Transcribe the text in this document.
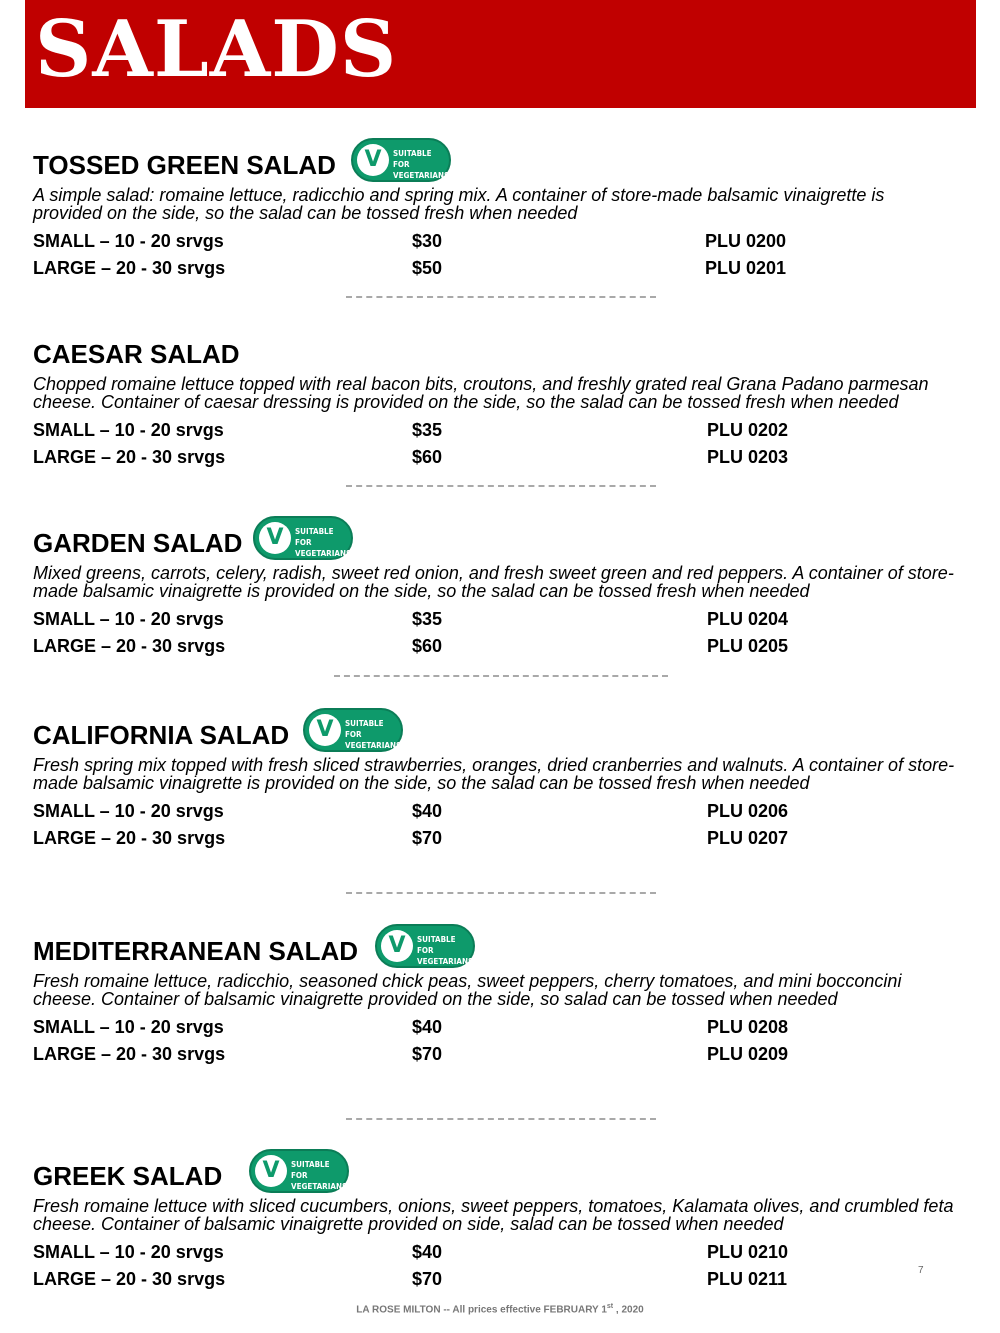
SALADS
TOSSED GREEN SALAD	V	SUITABLE FOR
VEGETARIANS
A simple salad: romaine lettuce, radicchio and spring mix. A container of store-made balsamic vinaigrette is provided on the side, so the salad can be tossed fresh when needed
SMALL – 10 - 20 srvgs	$30	PLU 0200
LARGE – 20 - 30 srvgs	$50	PLU 0201
CAESAR SALAD
Chopped romaine lettuce topped with real bacon bits, croutons, and freshly grated real Grana Padano parmesan cheese. Container of caesar dressing is provided on the side, so the salad can be tossed fresh when needed
SMALL – 10 - 20 srvgs	$35	PLU 0202
LARGE – 20 - 30 srvgs	$60	PLU 0203
GARDEN SALAD	V	SUITABLE FOR
VEGETARIANS
Mixed greens, carrots, celery, radish, sweet red onion, and fresh sweet green and red peppers. A container of store-made balsamic vinaigrette is provided on the side, so the salad can be tossed fresh when needed
SMALL – 10 - 20 srvgs	$35	PLU 0204
LARGE – 20 - 30 srvgs	$60	PLU 0205
CALIFORNIA SALAD	V	SUITABLE FOR
VEGETARIANS
Fresh spring mix topped with fresh sliced strawberries, oranges, dried cranberries and walnuts. A container of store-made balsamic vinaigrette is provided on the side, so the salad can be tossed fresh when needed
SMALL – 10 - 20 srvgs	$40	PLU 0206
LARGE – 20 - 30 srvgs	$70	PLU 0207
MEDITERRANEAN SALAD	V	SUITABLE FOR
VEGETARIANS
Fresh romaine lettuce, radicchio, seasoned chick peas, sweet peppers, cherry tomatoes, and mini bocconcini cheese. Container of balsamic vinaigrette provided on the side, so salad can be tossed when needed
SMALL – 10 - 20 srvgs	$40	PLU 0208
LARGE – 20 - 30 srvgs	$70	PLU 0209
GREEK SALAD	V	SUITABLE FOR
VEGETARIANS
Fresh romaine lettuce with sliced cucumbers, onions, sweet peppers, tomatoes, Kalamata olives, and crumbled feta cheese. Container of balsamic vinaigrette provided on side, salad can be tossed when needed
SMALL – 10 - 20 srvgs	$40	PLU 0210
LARGE – 20 - 30 srvgs	$70	PLU 0211	7
LA ROSE MILTON -- All prices effective FEBRUARY 1st , 2020
